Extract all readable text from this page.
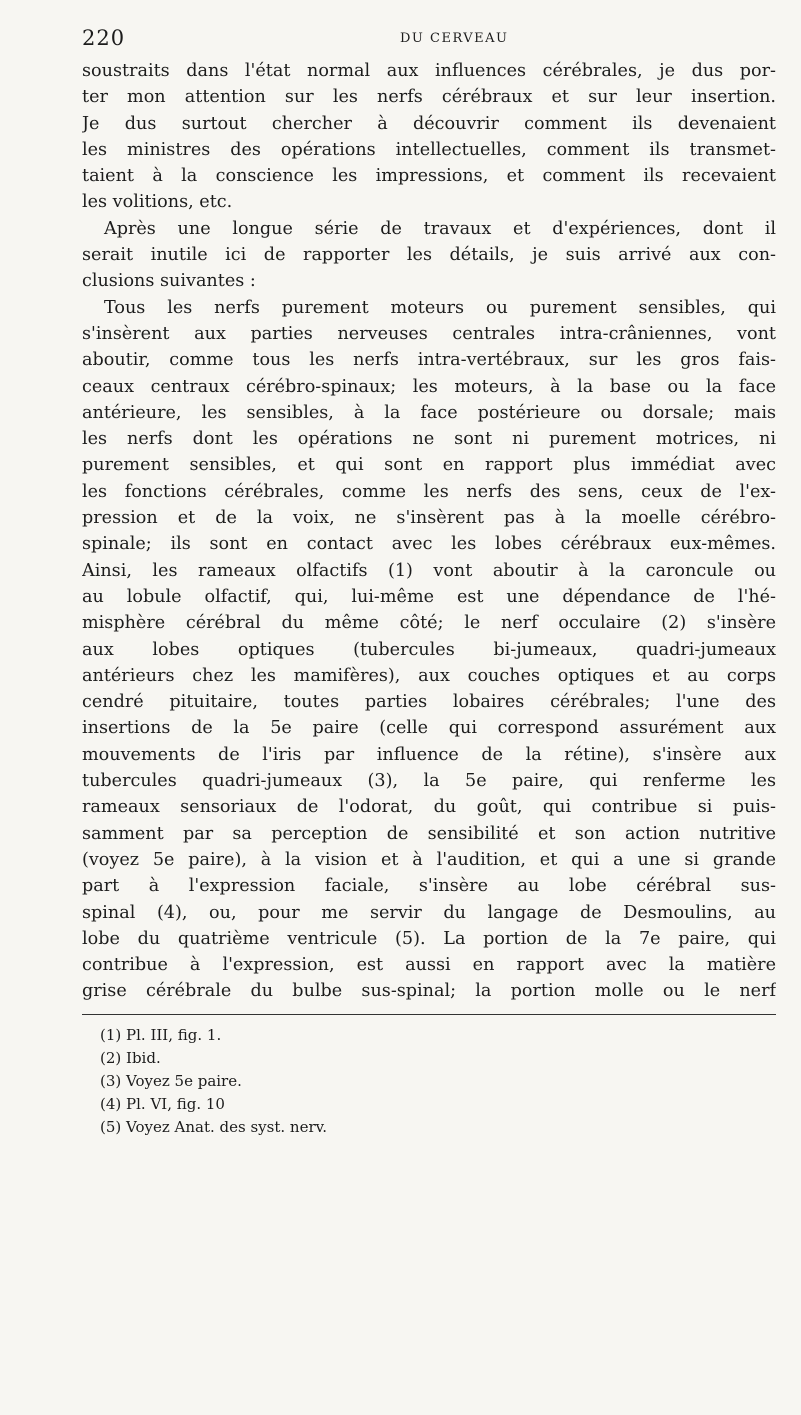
220	DU CERVEAU
soustraits dans l'état normal aux influences cérébrales, je dus por-
ter mon attention sur les nerfs cérébraux et sur leur insertion.
Je dus surtout chercher à découvrir comment ils devenaient
les ministres des opérations intellectuelles, comment ils transmet-
taient à la conscience les impressions, et comment ils recevaient
les volitions, etc.
Après une longue série de travaux et d'expériences, dont il
serait inutile ici de rapporter les détails, je suis arrivé aux con-
clusions suivantes :
Tous les nerfs purement moteurs ou purement sensibles, qui
s'insèrent aux parties nerveuses centrales intra-crâniennes, vont
aboutir, comme tous les nerfs intra-vertébraux, sur les gros fais-
ceaux centraux cérébro-spinaux; les moteurs, à la base ou la face
antérieure, les sensibles, à la face postérieure ou dorsale; mais
les nerfs dont les opérations ne sont ni purement motrices, ni
purement sensibles, et qui sont en rapport plus immédiat avec
les fonctions cérébrales, comme les nerfs des sens, ceux de l'ex-
pression et de la voix, ne s'insèrent pas à la moelle cérébro-
spinale; ils sont en contact avec les lobes cérébraux eux-mêmes.
Ainsi, les rameaux olfactifs (1) vont aboutir à la caroncule ou
au lobule olfactif, qui, lui-même est une dépendance de l'hé-
misphère cérébral du même côté; le nerf occulaire (2) s'insère
aux lobes optiques (tubercules bi-jumeaux, quadri-jumeaux
antérieurs chez les mamifères), aux couches optiques et au corps
cendré pituitaire, toutes parties lobaires cérébrales; l'une des
insertions de la 5e paire (celle qui correspond assurément aux
mouvements de l'iris par influence de la rétine), s'insère aux
tubercules quadri-jumeaux (3), la 5e paire, qui renferme les
rameaux sensoriaux de l'odorat, du goût, qui contribue si puis-
samment par sa perception de sensibilité et son action nutritive
(voyez 5e paire), à la vision et à l'audition, et qui a une si grande
part à l'expression faciale, s'insère au lobe cérébral sus-
spinal (4), ou, pour me servir du langage de Desmoulins, au
lobe du quatrième ventricule (5). La portion de la 7e paire, qui
contribue à l'expression, est aussi en rapport avec la matière
grise cérébrale du bulbe sus-spinal; la portion molle ou le nerf
(1) Pl. III, fig. 1.
(2) Ibid.
(3) Voyez 5e paire.
(4) Pl. VI, fig. 10
(5) Voyez Anat. des syst. nerv.
